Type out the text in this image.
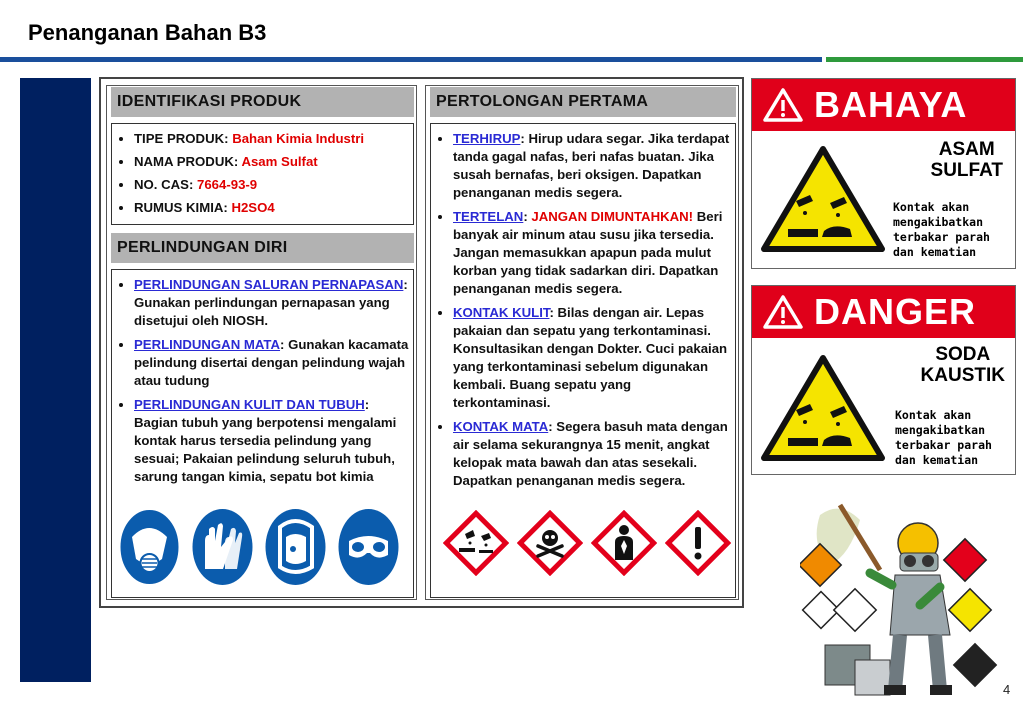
Penanganan Bahan B3
IDENTIFIKASI PRODUK
• TIPE PRODUK: Bahan Kimia Industri
• NAMA PRODUK: Asam Sulfat
• NO. CAS: 7664-93-9
• RUMUS KIMIA: H2SO4
PERLINDUNGAN DIRI
• PERLINDUNGAN SALURAN PERNAPASAN: Gunakan perlindungan pernapasan yang disetujui oleh NIOSH.
• PERLINDUNGAN MATA: Gunakan kacamata pelindung disertai dengan pelindung wajah atau tudung
• PERLINDUNGAN KULIT DAN TUBUH: Bagian tubuh yang berpotensi mengalami kontak harus tersedia pelindung yang sesuai; Pakaian pelindung seluruh tubuh, sarung tangan kimia, sepatu bot kimia
PERTOLONGAN PERTAMA
• TERHIRUP: Hirup udara segar. Jika terdapat tanda gagal nafas, beri nafas buatan. Jika susah bernafas, beri oksigen. Dapatkan penanganan medis segera.
• TERTELAN: JANGAN DIMUNTAHKAN! Beri banyak air minum atau susu jika tersedia. Jangan memasukkan apapun pada mulut korban yang tidak sadarkan diri. Dapatkan penanganan medis segera.
• KONTAK KULIT: Bilas dengan air. Lepas pakaian dan sepatu yang terkontaminasi. Konsultasikan dengan Dokter. Cuci pakaian yang terkontaminasi sebelum digunakan kembali. Buang sepatu yang terkontaminasi.
• KONTAK MATA: Segera basuh mata dengan air selama sekurangnya 15 menit, angkat kelopak mata bawah dan atas sesekali. Dapatkan penanganan medis segera.
BAHAYA
ASAM
SULFAT
Kontak akan
mengakibatkan
terbakar parah
dan kematian
DANGER
SODA
KAUSTIK
Kontak akan
mengakibatkan
terbakar parah
dan kematian
4
